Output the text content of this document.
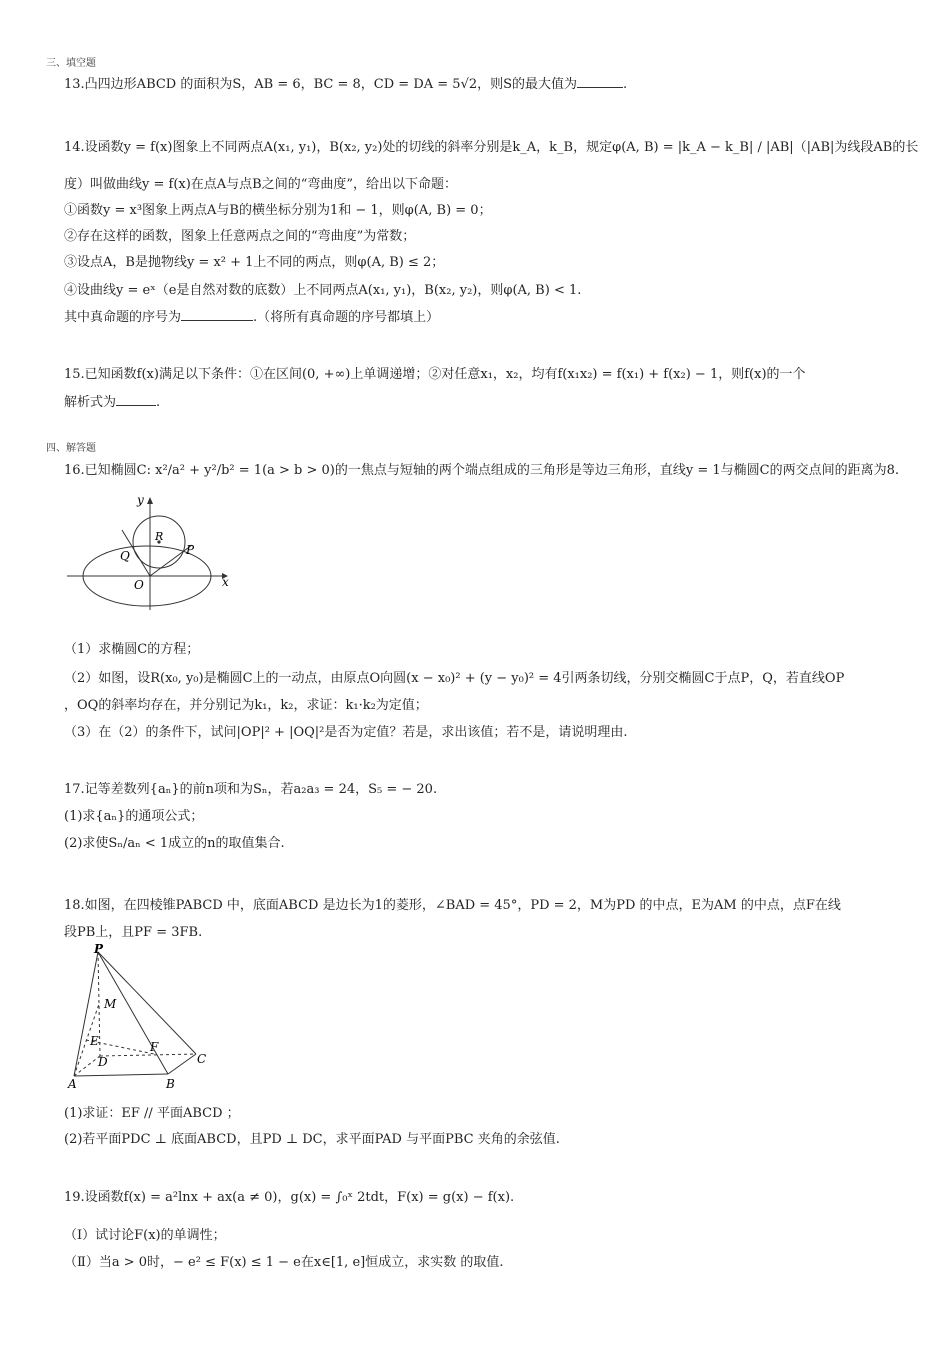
三、填空题
13.凸四边形ABCD 的面积为S，AB = 6，BC = 8，CD = DA = 5√2，则S的最大值为	.
14.设函数y = f(x)图象上不同两点A(x₁, y₁)，B(x₂, y₂)处的切线的斜率分别是k_A，k_B，规定φ(A, B) = |k_A − k_B| / |AB|（|AB|为线段AB的长
度）叫做曲线y = f(x)在点A与点B之间的“弯曲度”，给出以下命题：
①函数y = x³图象上两点A与B的横坐标分别为1和 − 1，则φ(A, B) = 0；
②存在这样的函数，图象上任意两点之间的“弯曲度”为常数；
③设点A，B是抛物线y = x² + 1上不同的两点，则φ(A, B) ≤ 2；
④设曲线y = eˣ（e是自然对数的底数）上不同两点A(x₁, y₁)，B(x₂, y₂)，则φ(A, B) < 1.
其中真命题的序号为	.（将所有真命题的序号都填上）
15.已知函数f(x)满足以下条件：①在区间(0, +∞)上单调递增；②对任意x₁，x₂，均有f(x₁x₂) = f(x₁) + f(x₂) − 1，则f(x)的一个
解析式为	.
四、解答题
16.已知椭圆C: x²/a² + y²/b² = 1(a > b > 0)的一焦点与短轴的两个端点组成的三角形是等边三角形，直线y = 1与椭圆C的两交点间的距离为8.
y
x
R
Q	P
O
（1）求椭圆C的方程；
（2）如图，设R(x₀, y₀)是椭圆C上的一动点，由原点O向圆(x − x₀)² + (y − y₀)² = 4引两条切线，分别交椭圆C于点P，Q，若直线OP
，OQ的斜率均存在，并分别记为k₁，k₂，求证：k₁·k₂为定值；
（3）在（2）的条件下，试问|OP|² + |OQ|²是否为定值？若是，求出该值；若不是，请说明理由.
17.记等差数列{aₙ}的前n项和为Sₙ，若a₂a₃ = 24，S₅ = − 20.
(1)求{aₙ}的通项公式；
(2)求使Sₙ/aₙ < 1成立的n的取值集合.
18.如图，在四棱锥PABCD 中，底面ABCD 是边长为1的菱形，∠BAD = 45°，PD = 2，M为PD 的中点，E为AM 的中点，点F在线
段PB上，且PF = 3FB.
P
M
E	F
D	C
A	B
(1)求证：EF // 平面ABCD ；
(2)若平面PDC ⊥ 底面ABCD，且PD ⊥ DC，求平面PAD 与平面PBC 夹角的余弦值.
19.设函数f(x) = a²lnx + ax(a ≠ 0)，g(x) = ∫₀ˣ 2tdt，F(x) = g(x) − f(x).
（Ⅰ）试讨论F(x)的单调性；
（Ⅱ）当a > 0时，− e² ≤ F(x) ≤ 1 − e在x∈[1, e]恒成立，求实数 的取值.
